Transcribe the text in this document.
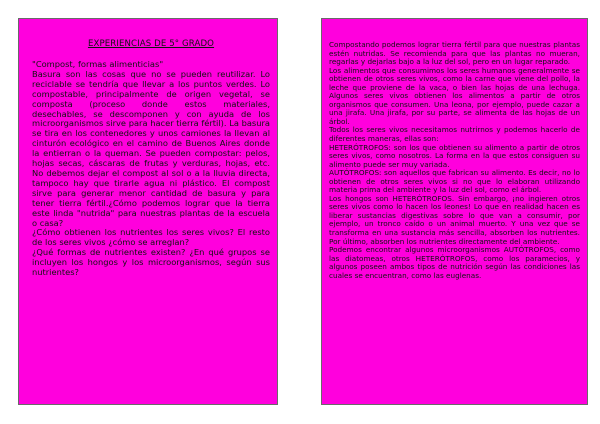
EXPERIENCIAS DE 5° GRADO

"Compost, formas alimenticias"

Basura son las cosas que no se pueden reutilizar. Lo reciclable se tendría que llevar a los puntos verdes. Lo compostable, principalmente de origen vegetal, se composta (proceso donde estos materiales, desechables, se descomponen y con ayuda de los microorganismos sirve para hacer tierra fértil). La basura se tira en los contenedores y unos camiones la llevan al cinturón ecológico en el camino de Buenos Aires donde la entierran o la queman. Se pueden compostar: pelos, hojas secas, cáscaras de frutas y verduras, hojas, etc. No debemos dejar el compost al sol o a la lluvia directa, tampoco hay que tirarle agua ni plástico. El compost sirve para generar menor cantidad de basura y para tener tierra fértil.¿Cómo podemos lograr que la tierra este linda "nutrida" para nuestras plantas de la escuela o casa?

¿Cómo obtienen los nutrientes los seres vivos? El resto de los seres vivos ¿cómo se arreglan?

¿Qué formas de nutrientes existen? ¿En qué grupos se incluyen los hongos y los microorganismos, según sus nutrientes?

Compostando podemos lograr tierra fértil para que nuestras plantas estén nutridas. Se recomienda para que las plantas no mueran, regarlas y dejarlas bajo a la luz del sol, pero en un lugar reparado.

Los alimentos que consumimos los seres humanos generalmente se obtienen de otros seres vivos, como la carne que viene del pollo, la leche que proviene de la vaca, o bien las hojas de una lechuga. Algunos seres vivos obtienen los alimentos a partir de otros organismos que consumen. Una leona, por ejemplo, puede cazar a una jirafa. Una jirafa, por su parte, se alimenta de las hojas de un árbol.

Todos los seres vivos necesitamos nutrirnos y podemos hacerlo de diferentes maneras, ellas son:

HETERÓTROFOS: son los que obtienen su alimento a partir de otros seres vivos, como nosotros. La forma en la que estos consiguen su alimento puede ser muy variada.

AUTÓTROFOS: son aquellos que fabrican su alimento. Es decir, no lo obtienen de otros seres vivos si no que lo elaboran utilizando materia prima del ambiente y la luz del sol, como el árbol.

Los hongos son HETERÓTROFOS. Sin embargo, ¡no ingieren otros seres vivos como lo hacen los leones! Lo que en realidad hacen es liberar sustancias digestivas sobre lo que van a consumir, por ejemplo, un tronco caído o un animal muerto. Y una vez que se transforma en una sustancia más sencilla, absorben los nutrientes. Por último, absorben los nutrientes directamente del ambiente.

Podemos encontrar algunos microorganismos AUTÓTROFOS, como las diatomeas, otros HETERÓTROFOS, como los paramecios, y algunos poseen ambos tipos de nutrición según las condiciones las cuales se encuentran, como las euglenas.
